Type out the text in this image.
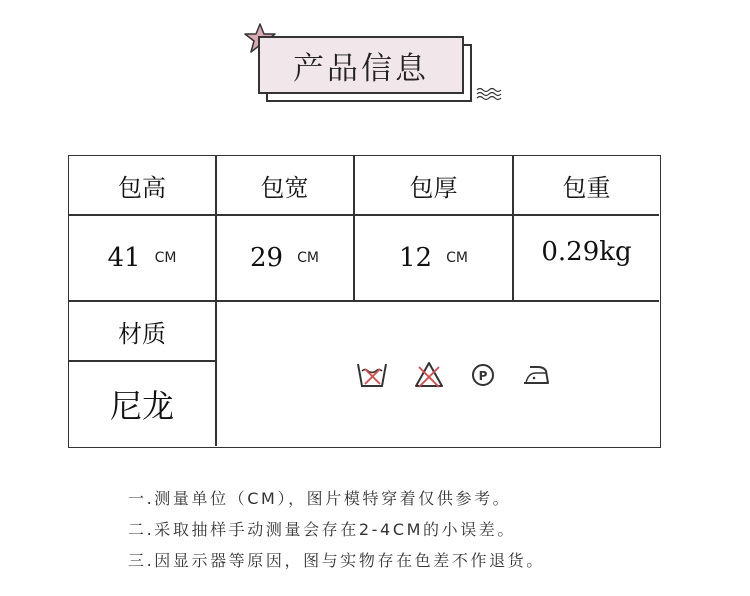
产品信息
包高	包宽	包厚	包重
41 CM	29 CM	12 CM	0.29kg
材质
尼龙
P
一.测量单位（CM），图片模特穿着仅供参考。
二.采取抽样手动测量会存在2-4CM的小误差。
三.因显示器等原因，图与实物存在色差不作退货。
